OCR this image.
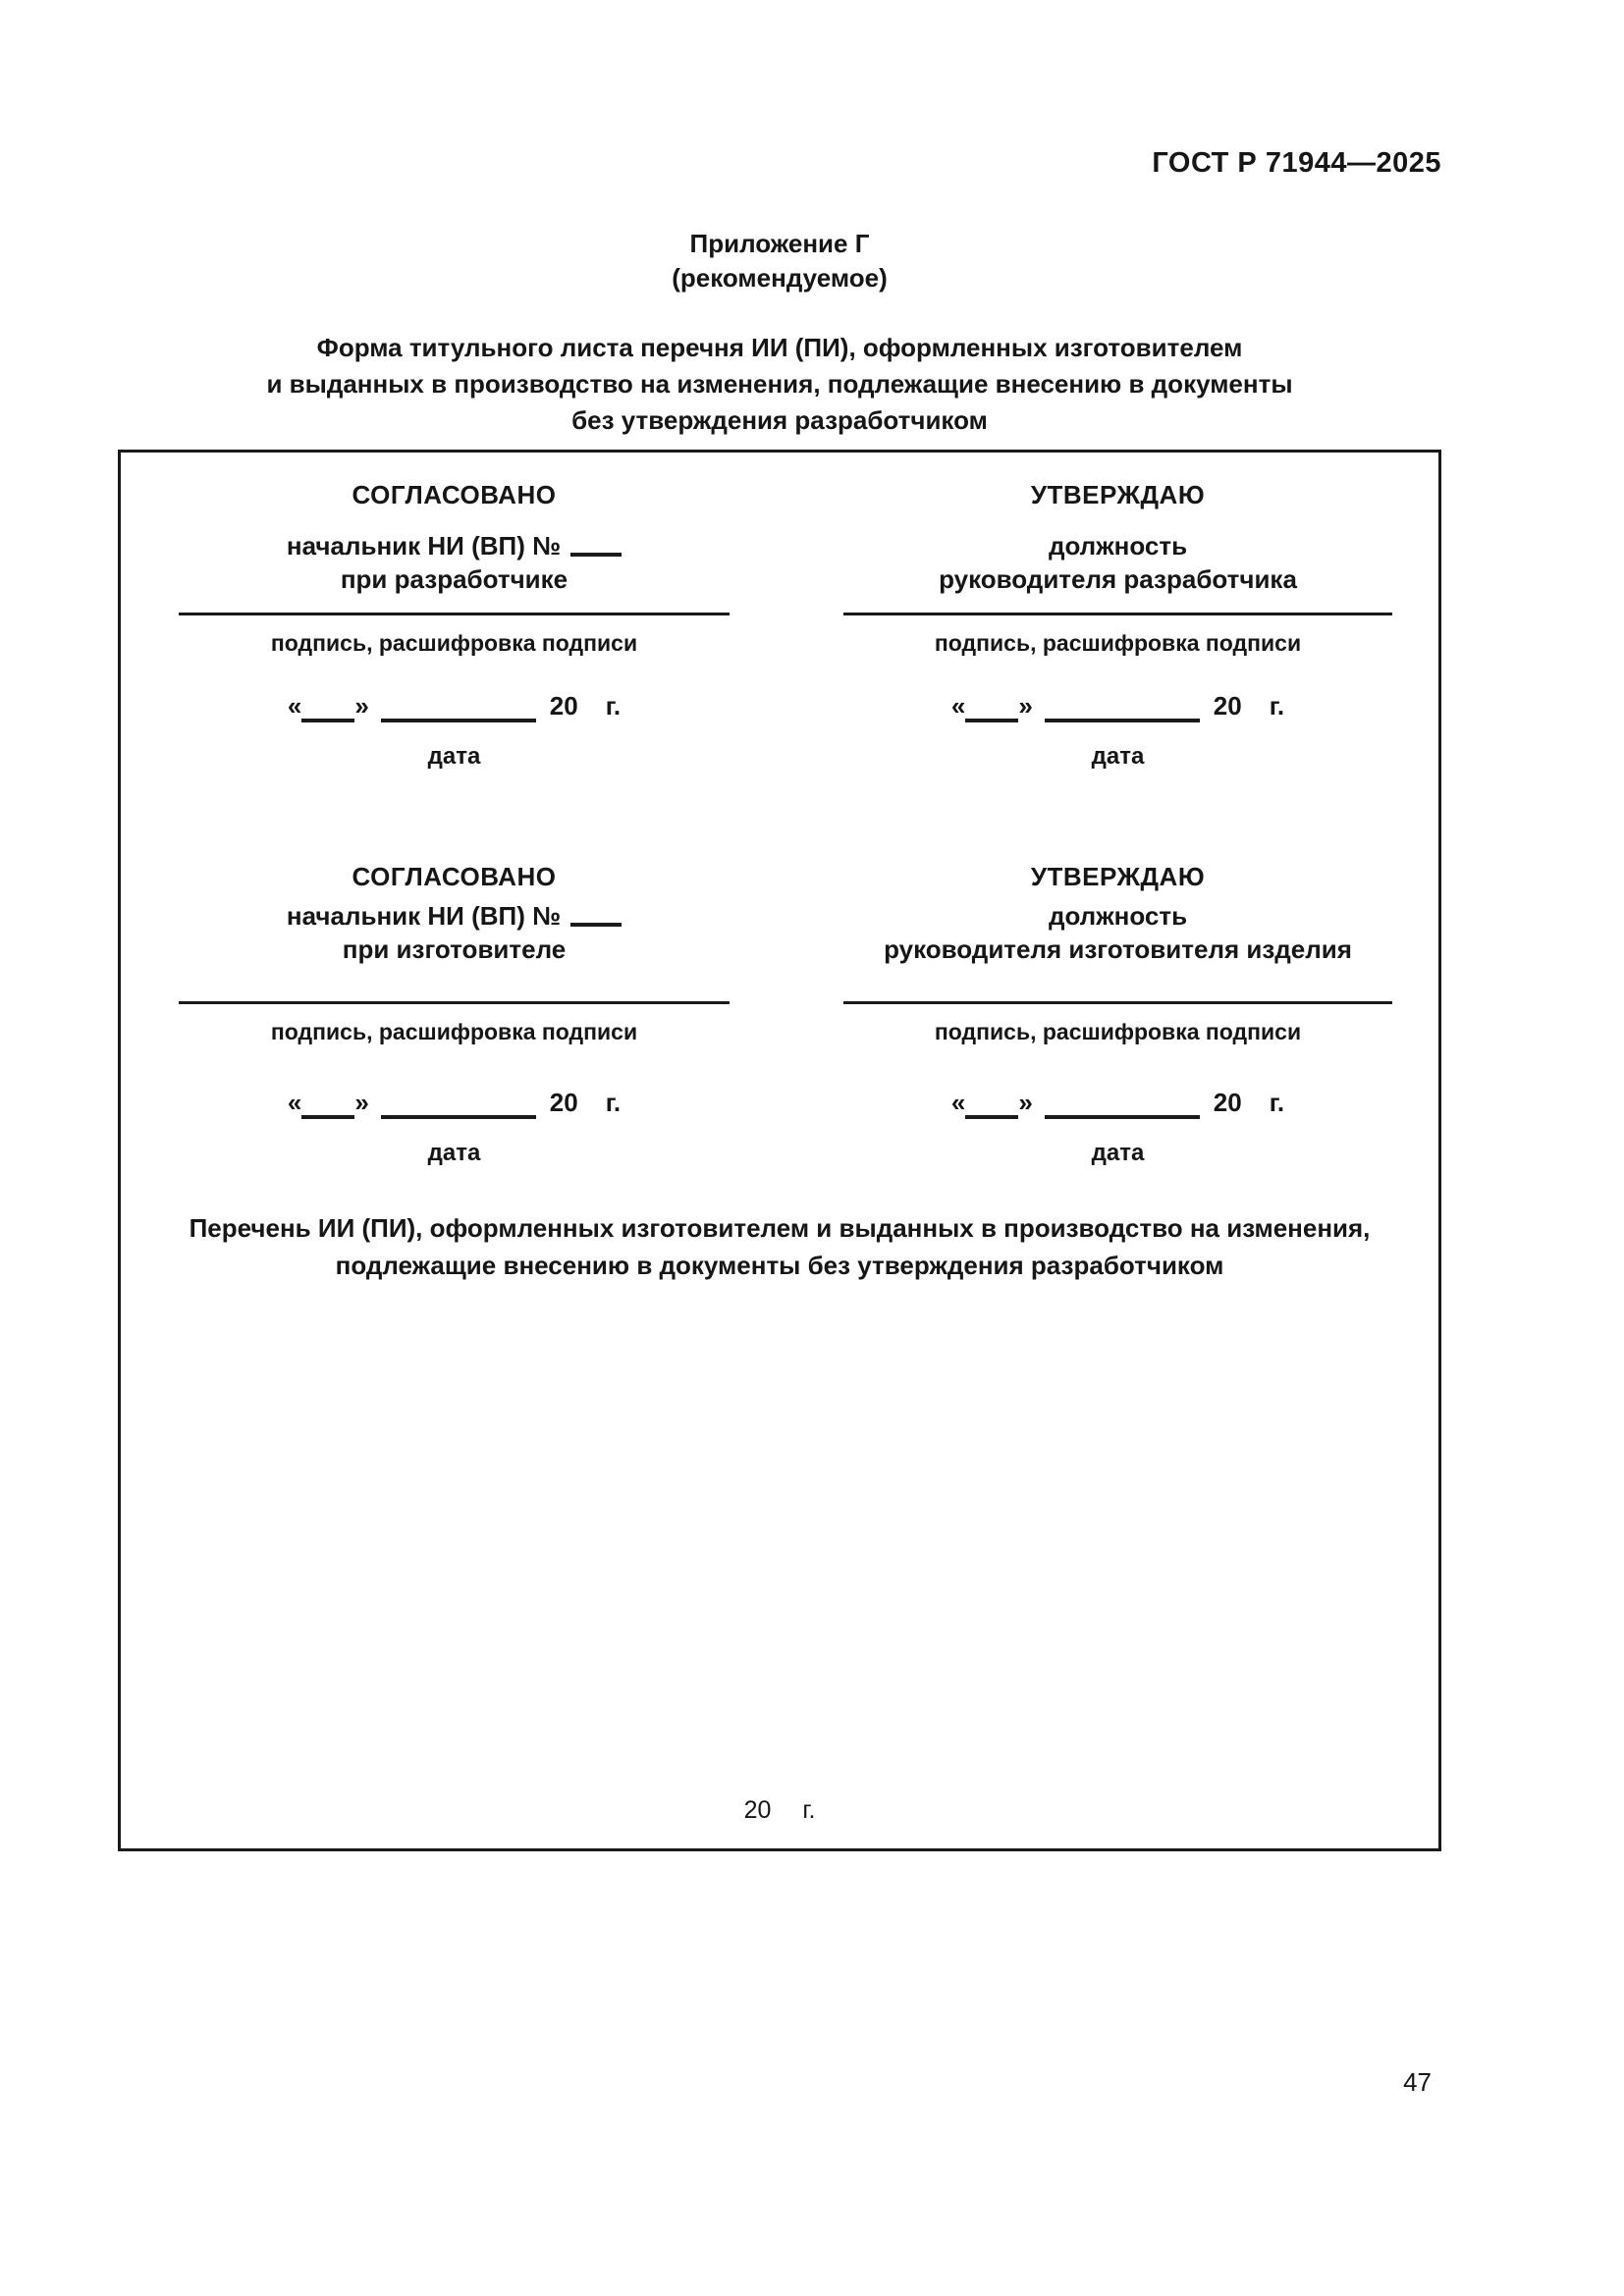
ГОСТ Р 71944—2025
Приложение Г
(рекомендуемое)
Форма титульного листа перечня ИИ (ПИ), оформленных изготовителем
и выданных в производство на изменения, подлежащие внесению в документы
без утверждения разработчиком
СОГЛАСОВАНО
начальник НИ (ВП) №
при разработчике
подпись, расшифровка подписи
« »	20 г.
дата
УТВЕРЖДАЮ
должность
руководителя разработчика
подпись, расшифровка подписи
« »	20 г.
дата
СОГЛАСОВАНО
начальник НИ (ВП) №
при изготовителе
подпись, расшифровка подписи
« »	20 г.
дата
УТВЕРЖДАЮ
должность
руководителя изготовителя изделия
подпись, расшифровка подписи
« »	20 г.
дата
Перечень ИИ (ПИ), оформленных изготовителем и выданных в производство на изменения,
подлежащие внесению в документы без утверждения разработчиком
20 г.
47
